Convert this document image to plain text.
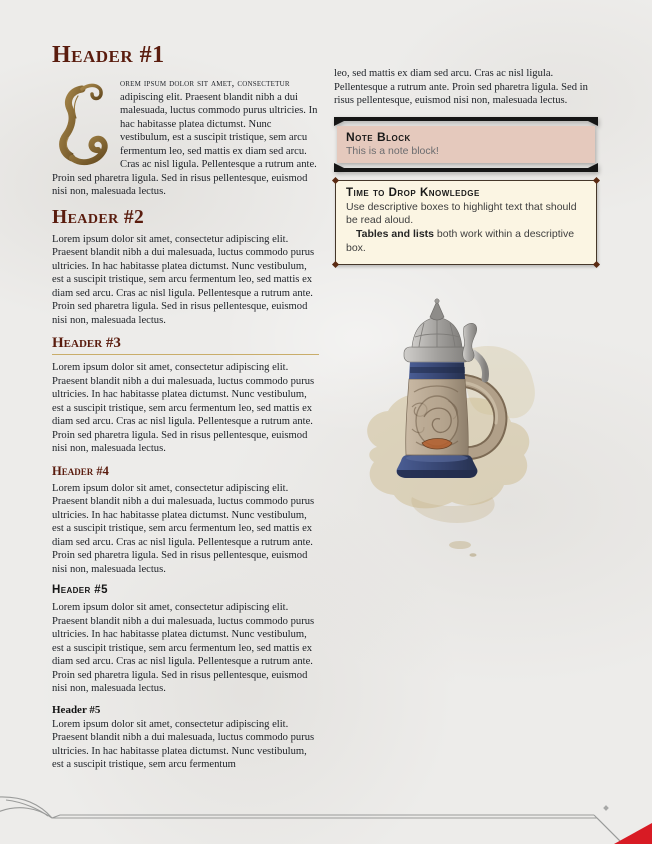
Header #1

orem ipsum dolor sit amet, consectetur adipiscing elit. Praesent blandit nibh a dui malesuada, luctus commodo purus ultricies. In hac habitasse platea dictumst. Nunc vestibulum, est a suscipit tristique, sem arcu fermentum leo, sed mattis ex diam sed arcu. Cras ac nisl ligula. Pellentesque a rutrum ante. Proin sed pharetra ligula. Sed in risus pellentesque, euismod nisi non, malesuada lectus.

Header #2

Lorem ipsum dolor sit amet, consectetur adipiscing elit. Praesent blandit nibh a dui malesuada, luctus commodo purus ultricies. In hac habitasse platea dictumst. Nunc vestibulum, est a suscipit tristique, sem arcu fermentum leo, sed mattis ex diam sed arcu. Cras ac nisl ligula. Pellentesque a rutrum ante. Proin sed pharetra ligula. Sed in risus pellentesque, euismod nisi non, malesuada lectus.

Header #3

Lorem ipsum dolor sit amet, consectetur adipiscing elit. Praesent blandit nibh a dui malesuada, luctus commodo purus ultricies. In hac habitasse platea dictumst. Nunc vestibulum, est a suscipit tristique, sem arcu fermentum leo, sed mattis ex diam sed arcu. Cras ac nisl ligula. Pellentesque a rutrum ante. Proin sed pharetra ligula. Sed in risus pellentesque, euismod nisi non, malesuada lectus.

Header #4

Lorem ipsum dolor sit amet, consectetur adipiscing elit. Praesent blandit nibh a dui malesuada, luctus commodo purus ultricies. In hac habitasse platea dictumst. Nunc vestibulum, est a suscipit tristique, sem arcu fermentum leo, sed mattis ex diam sed arcu. Cras ac nisl ligula. Pellentesque a rutrum ante. Proin sed pharetra ligula. Sed in risus pellentesque, euismod nisi non, malesuada lectus.

Header #5

Lorem ipsum dolor sit amet, consectetur adipiscing elit. Praesent blandit nibh a dui malesuada, luctus commodo purus ultricies. In hac habitasse platea dictumst. Nunc vestibulum, est a suscipit tristique, sem arcu fermentum leo, sed mattis ex diam sed arcu. Cras ac nisl ligula. Pellentesque a rutrum ante. Proin sed pharetra ligula. Sed in risus pellentesque, euismod nisi non, malesuada lectus.

Header #5

Lorem ipsum dolor sit amet, consectetur adipiscing elit. Praesent blandit nibh a dui malesuada, luctus commodo purus ultricies. In hac habitasse platea dictumst. Nunc vestibulum, est a suscipit tristique, sem arcu fermentum

leo, sed mattis ex diam sed arcu. Cras ac nisl ligula. Pellentesque a rutrum ante. Proin sed pharetra ligula. Sed in risus pellentesque, euismod nisi non, malesuada lectus.

Note Block
This is a note block!
Time to Drop Knowledge

Use descriptive boxes to highlight text that should be read aloud.

Tables and lists both work within a descriptive box.
